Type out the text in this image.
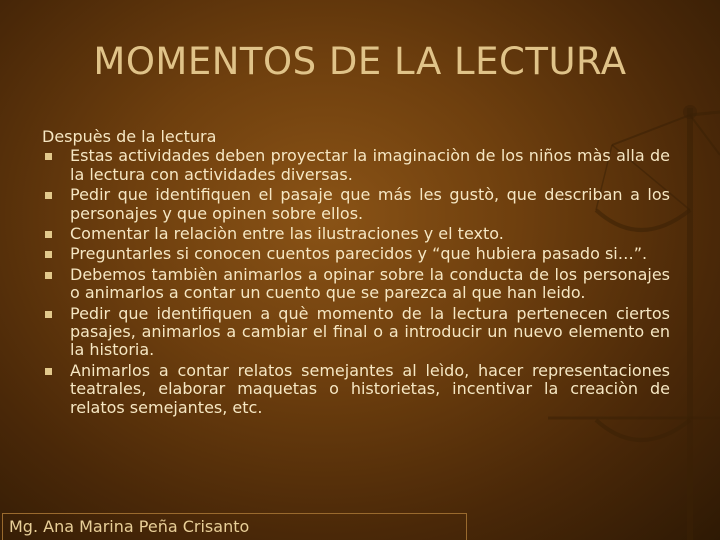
MOMENTOS DE LA LECTURA
Despuès de la lectura
Estas actividades deben proyectar la imaginaciòn de los niños màs alla de la lectura con actividades diversas.
Pedir que identifiquen el pasaje que más les gustò, que describan a los personajes y que opinen sobre ellos.
Comentar la relaciòn entre las ilustraciones y el texto.
Preguntarles si conocen cuentos parecidos y “que hubiera pasado si…”.
Debemos tambièn animarlos a opinar sobre la conducta de los personajes o animarlos a contar un cuento que se parezca al que han leido.
Pedir que identifiquen a què momento de la lectura pertenecen ciertos pasajes, animarlos a cambiar el final o a introducir un nuevo elemento en la historia.
Animarlos a contar relatos semejantes al leìdo, hacer representaciones teatrales, elaborar maquetas o historietas, incentivar la creaciòn de relatos semejantes, etc.
Mg. Ana Marina Peña Crisanto
